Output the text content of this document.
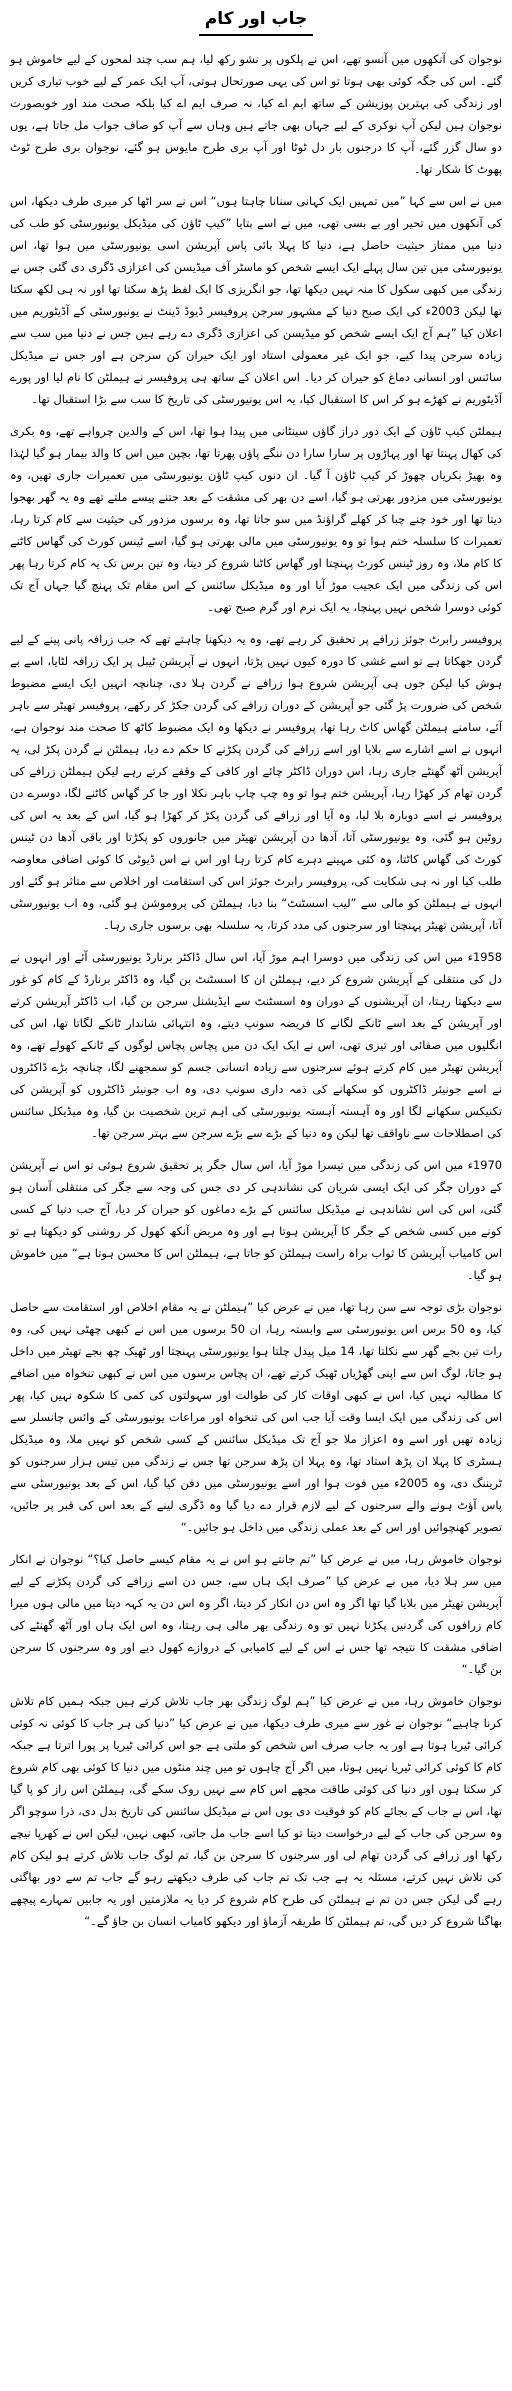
جاب اور کام

نوجوان کی آنکھوں میں آنسو تھے، اس نے پلکوں پر نشو رکھ لیا، ہم سب چند لمحوں کے لیے خاموش ہو گئے۔ اس کی جگہ کوئی بھی ہوتا تو اس کی یہی صورتحال ہوتی، آپ ایک عمر کے لیے خوب تیاری کریں اور زندگی کی بہترین پوزیشن کے ساتھ ایم اے کیا، نہ صرف ایم اے کیا بلکہ صحت مند اور خوبصورت نوجوان ہیں لیکن آپ نوکری کے لیے جہاں بھی جاتے ہیں وہاں سے آپ کو صاف جواب مل جاتا ہے، یوں دو سال گزر گئے، آپ کا درجنوں بار دل ٹوٹا اور آپ بری طرح مایوس ہو گئے، نوجوان بری طرح ٹوٹ پھوٹ کا شکار تھا۔

میں نے اس سے کہا ”میں تمہیں ایک کہانی سنانا چاہتا ہوں“ اس نے سر اٹھا کر میری طرف دیکھا، اس کی آنکھوں میں تحیر اور بے بسی تھی، میں نے اسے بتایا ”کیپ ٹاؤن کی میڈیکل یونیورسٹی کو طب کی دنیا میں ممتاز حیثیت حاصل ہے، دنیا کا پہلا بائی پاس آپریشن اسی یونیورسٹی میں ہوا تھا، اس یونیورسٹی میں تین سال پہلے ایک ایسے شخص کو ماسٹر آف میڈیسن کی اعزازی ڈگری دی گئی جس نے زندگی میں کبھی سکول کا منہ نہیں دیکھا تھا، جو انگریزی کا ایک لفظ پڑھ سکتا تھا اور نہ ہی لکھ سکتا تھا لیکن 2003ء کی ایک صبح دنیا کے مشہور سرجن پروفیسر ڈیوڈ ڈینٹ نے یونیورسٹی کے آڈیٹوریم میں اعلان کیا ”ہم آج ایک ایسے شخص کو میڈیسن کی اعزازی ڈگری دے رہے ہیں جس نے دنیا میں سب سے زیادہ سرجن پیدا کیے، جو ایک غیر معمولی استاد اور ایک حیران کن سرجن ہے اور جس نے میڈیکل سائنس اور انسانی دماغ کو حیران کر دیا۔ اس اعلان کے ساتھ ہی پروفیسر نے ہیملٹن کا نام لیا اور پورے آڈیٹوریم نے کھڑے ہو کر اس کا استقبال کیا، یہ اس یونیورسٹی کی تاریخ کا سب سے بڑا استقبال تھا۔

ہیملٹن کیپ ٹاؤن کے ایک دور دراز گاؤں سینٹانی میں پیدا ہوا تھا، اس کے والدین چرواہے تھے، وہ بکری کی کھال پہنتا تھا اور پہاڑوں پر سارا سارا دن ننگے پاؤں پھرتا تھا، بچپن میں اس کا والد بیمار ہو گیا لہٰذا وہ بھیڑ بکریاں چھوڑ کر کیپ ٹاؤن آ گیا۔ ان دنوں کیپ ٹاؤن یونیورسٹی میں تعمیرات جاری تھیں، وہ یونیورسٹی میں مزدور بھرتی ہو گیا، اسے دن بھر کی مشقت کے بعد جتنے پیسے ملتے تھے وہ یہ گھر بھجوا دیتا تھا اور خود چنے چبا کر کھلے گراؤنڈ میں سو جاتا تھا، وہ برسوں مزدور کی حیثیت سے کام کرتا رہا، تعمیرات کا سلسلہ ختم ہوا تو وہ یونیورسٹی میں مالی بھرتی ہو گیا، اسے ٹینس کورٹ کی گھاس کاٹنے کا کام ملا، وہ روز ٹینس کورٹ پہنچتا اور گھاس کاٹنا شروع کر دیتا، وہ تین برس تک یہ کام کرتا رہا پھر اس کی زندگی میں ایک عجیب موڑ آیا اور وہ میڈیکل سائنس کے اس مقام تک پہنچ گیا جہاں آج تک کوئی دوسرا شخص نہیں پہنچا، یہ ایک نرم اور گرم صبح تھی۔

پروفیسر رابرٹ جوئز زرافے پر تحقیق کر رہے تھے، وہ یہ دیکھنا چاہتے تھے کہ جب زرافہ پانی پینے کے لیے گردن جھکاتا ہے تو اسے غشی کا دورہ کیوں نہیں پڑتا، انہوں نے آپریشن ٹیبل پر ایک زرافہ لٹایا، اسے بے ہوش کیا لیکن جوں ہی آپریشن شروع ہوا زرافے نے گردن ہلا دی، چنانچہ انہیں ایک ایسے مضبوط شخص کی ضرورت پڑ گئی جو آپریشن کے دوران زرافے کی گردن جکڑ کر رکھے، پروفیسر تھیٹر سے باہر آئے، سامنے ہیملٹن گھاس کاٹ رہا تھا، پروفیسر نے دیکھا وہ ایک مضبوط کاٹھ کا صحت مند نوجوان ہے، انہوں نے اسے اشارے سے بلایا اور اسے زرافے کی گردن پکڑنے کا حکم دے دیا، ہیملٹن نے گردن پکڑ لی، یہ آپریشن آٹھ گھنٹے جاری رہا، اس دوران ڈاکٹر چائے اور کافی کے وقفے کرتے رہے لیکن ہیملٹن زرافے کی گردن تھام کر کھڑا رہا، آپریشن ختم ہوا تو وہ چپ چاپ باہر نکلا اور جا کر گھاس کاٹنے لگا، دوسرے دن پروفیسر نے اسے دوبارہ بلا لیا، وہ آیا اور زرافے کی گردن پکڑ کر کھڑا ہو گیا، اس کے بعد یہ اس کی روٹین ہو گئی، وہ یونیورسٹی آتا، آدھا دن آپریشن تھیٹر میں جانوروں کو پکڑتا اور باقی آدھا دن ٹینس کورٹ کی گھاس کاٹتا، وہ کئی مہینے دہرے کام کرتا رہا اور اس نے اس ڈیوٹی کا کوئی اضافی معاوضہ طلب کیا اور نہ ہی شکایت کی، پروفیسر رابرٹ جوئز اس کی استقامت اور اخلاص سے متاثر ہو گئے اور انہوں نے ہیملٹن کو مالی سے ”لیب اسسٹنٹ“ بنا دیا، ہیملٹن کی پروموشن ہو گئی، وہ اب یونیورسٹی آتا، آپریشن تھیٹر پہنچتا اور سرجنوں کی مدد کرتا، یہ سلسلہ بھی برسوں جاری رہا۔

1958ء میں اس کی زندگی میں دوسرا اہم موڑ آیا، اس سال ڈاکٹر برنارڈ یونیورسٹی آئے اور انہوں نے دل کی منتقلی کے آپریشن شروع کر دیے، ہیملٹن ان کا اسسٹنٹ بن گیا، وہ ڈاکٹر برنارڈ کے کام کو غور سے دیکھتا رہتا، ان آپریشنوں کے دوران وہ اسسٹنٹ سے ایڈیشنل سرجن بن گیا، اب ڈاکٹر آپریشن کرتے اور آپریشن کے بعد اسے ٹانکے لگانے کا فریضہ سونپ دیتے، وہ انتہائی شاندار ٹانکے لگاتا تھا، اس کی انگلیوں میں صفائی اور تیزی تھی، اس نے ایک ایک دن میں پچاس پچاس لوگوں کے ٹانکے کھولے تھے، وہ آپریشن تھیٹر میں کام کرتے ہوئے سرجنوں سے زیادہ انسانی جسم کو سمجھنے لگا، چنانچہ بڑے ڈاکٹروں نے اسے جونیئر ڈاکٹروں کو سکھانے کی ذمہ داری سونپ دی، وہ اب جونیئر ڈاکٹروں کو آپریشن کی تکنیکس سکھانے لگا اور وہ آہستہ آہستہ یونیورسٹی کی اہم ترین شخصیت بن گیا، وہ میڈیکل سائنس کی اصطلاحات سے ناواقف تھا لیکن وہ دنیا کے بڑے سے بڑے سرجن سے بہتر سرجن تھا۔

1970ء میں اس کی زندگی میں تیسرا موڑ آیا، اس سال جگر پر تحقیق شروع ہوئی تو اس نے آپریشن کے دوران جگر کی ایک ایسی شریان کی نشاندہی کر دی جس کی وجہ سے جگر کی منتقلی آسان ہو گئی، اس کی اس نشاندہی نے میڈیکل سائنس کے بڑے دماغوں کو حیران کر دیا، آج جب دنیا کے کسی کونے میں کسی شخص کے جگر کا آپریشن ہوتا ہے اور وہ مریض آنکھ کھول کر روشنی کو دیکھتا ہے تو اس کامیاب آپریشن کا ثواب براہ راست ہیملٹن کو جاتا ہے، ہیملٹن اس کا محسن ہوتا ہے“ میں خاموش ہو گیا۔

نوجوان بڑی توجہ سے سن رہا تھا، میں نے عرض کیا ”ہیملٹن نے یہ مقام اخلاص اور استقامت سے حاصل کیا، وہ 50 برس اس یونیورسٹی سے وابستہ رہا، ان 50 برسوں میں اس نے کبھی چھٹی نہیں کی، وہ رات تین بجے گھر سے نکلتا تھا، 14 میل پیدل چلتا ہوا یونیورسٹی پہنچتا اور ٹھیک چھ بجے تھیٹر میں داخل ہو جاتا، لوگ اس سے اپنی گھڑیاں ٹھیک کرتے تھے، ان پچاس برسوں میں اس نے کبھی تنخواہ میں اضافے کا مطالبہ نہیں کیا، اس نے کبھی اوقات کار کی طوالت اور سہولتوں کی کمی کا شکوہ نہیں کیا، پھر اس کی زندگی میں ایک ایسا وقت آیا جب اس کی تنخواہ اور مراعات یونیورسٹی کے وائس چانسلر سے زیادہ تھیں اور اسے وہ اعزاز ملا جو آج تک میڈیکل سائنس کے کسی شخص کو نہیں ملا، وہ میڈیکل ہسٹری کا پہلا ان پڑھ استاد تھا، وہ پہلا ان پڑھ سرجن تھا جس نے زندگی میں تیس ہزار سرجنوں کو ٹریننگ دی، وہ 2005ء میں فوت ہوا اور اسے یونیورسٹی میں دفن کیا گیا، اس کے بعد یونیورسٹی سے پاس آؤٹ ہونے والے سرجنوں کے لیے لازم قرار دے دیا گیا وہ ڈگری لینے کے بعد اس کی قبر پر جائیں، تصویر کھنچوائیں اور اس کے بعد عملی زندگی میں داخل ہو جائیں۔“

نوجوان خاموش رہا، میں نے عرض کیا ”تم جانتے ہو اس نے یہ مقام کیسے حاصل کیا؟“ نوجوان نے انکار میں سر ہلا دیا، میں نے عرض کیا ”صرف ایک ہاں سے، جس دن اسے زرافے کی گردن پکڑنے کے لیے آپریشن تھیٹر میں بلایا گیا تھا اگر وہ اس دن انکار کر دیتا، اگر وہ اس دن یہ کہہ دیتا میں مالی ہوں میرا کام زرافوں کی گردنیں پکڑنا نہیں تو وہ زندگی بھر مالی ہی رہتا، وہ اس ایک ہاں اور آٹھ گھنٹے کی اضافی مشقت کا نتیجہ تھا جس نے اس کے لیے کامیابی کے دروازے کھول دیے اور وہ سرجنوں کا سرجن بن گیا۔“

نوجوان خاموش رہا، میں نے عرض کیا ”ہم لوگ زندگی بھر جاب تلاش کرتے ہیں جبکہ ہمیں کام تلاش کرنا چاہیے“ نوجوان نے غور سے میری طرف دیکھا، میں نے عرض کیا ”دنیا کی ہر جاب کا کوئی نہ کوئی کرائی ٹیریا ہوتا ہے اور یہ جاب صرف اس شخص کو ملتی ہے جو اس کرائی ٹیریا پر پورا اترتا ہے جبکہ کام کا کوئی کرائی ٹیریا نہیں ہوتا، میں اگر آج چاہوں تو میں چند منٹوں میں دنیا کا کوئی بھی کام شروع کر سکتا ہوں اور دنیا کی کوئی طاقت مجھے اس کام سے نہیں روک سکے گی، ہیملٹن اس راز کو پا گیا تھا، اس نے جاب کے بجائے کام کو فوقیت دی یوں اس نے میڈیکل سائنس کی تاریخ بدل دی، ذرا سوچو اگر وہ سرجن کی جاب کے لیے درخواست دیتا تو کیا اسے جاب مل جاتی، کبھی نہیں، لیکن اس نے کھرپا نیچے رکھا اور زرافے کی گردن تھام لی اور سرجنوں کا سرجن بن گیا، تم لوگ جاب تلاش کرتے ہو لیکن کام کی تلاش نہیں کرتے، مسئلہ یہ ہے جب تک تم جاب کی طرف دیکھتے رہو گے جاب تم سے دور بھاگتی رہے گی لیکن جس دن تم نے ہیملٹن کی طرح کام شروع کر دیا یہ ملازمتیں اور یہ جابیں تمہارے پیچھے بھاگنا شروع کر دیں گی، تم ہیملٹن کا طریقہ آزماؤ اور دیکھو کامیاب انسان بن جاؤ گے۔“
